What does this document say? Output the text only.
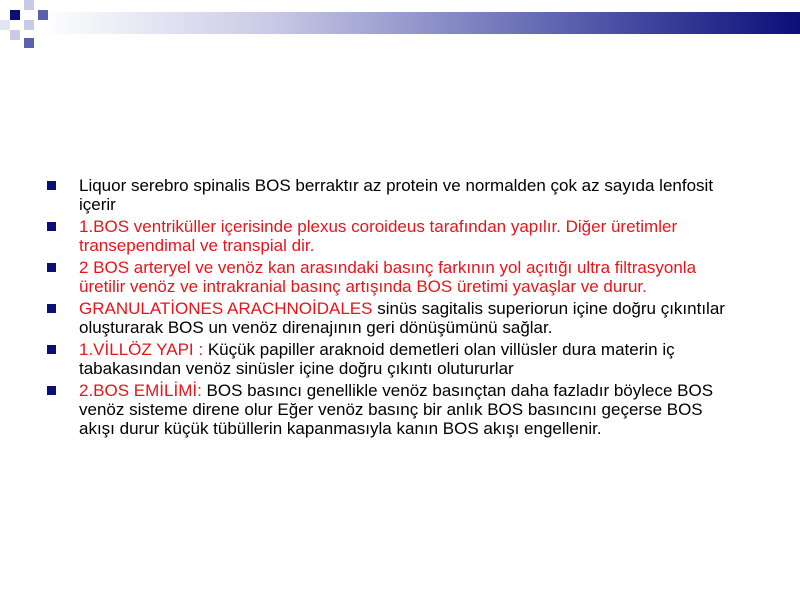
Liquor serebro spinalis BOS berraktır az protein ve normalden çok az sayıda lenfosit içerir
1.BOS ventriküller içerisinde plexus coroideus tarafından yapılır. Diğer üretimler transependimal ve transpial dir.
2 BOS arteryel ve venöz kan arasındaki basınç farkının yol açıtığı ultra filtrasyonla üretilir venöz ve intrakranial basınç artışında BOS üretimi yavaşlar ve durur.
GRANULATİONES ARACHNOİDALES sinüs sagitalis superiorun içine doğru çıkıntılar oluşturarak BOS un venöz direnajının geri dönüşümünü sağlar.
1.VİLLÖZ YAPI : Küçük papiller araknoid demetleri olan villüsler dura materin iç tabakasından venöz sinüsler içine doğru çıkıntı olutururlar
2.BOS EMİLİMİ: BOS basıncı genellikle venöz basınçtan daha fazladır böylece BOS venöz sisteme direne olur Eğer venöz basınç bir anlık BOS basıncını geçerse BOS akışı durur küçük tübüllerin kapanmasıyla kanın BOS akışı engellenir.
